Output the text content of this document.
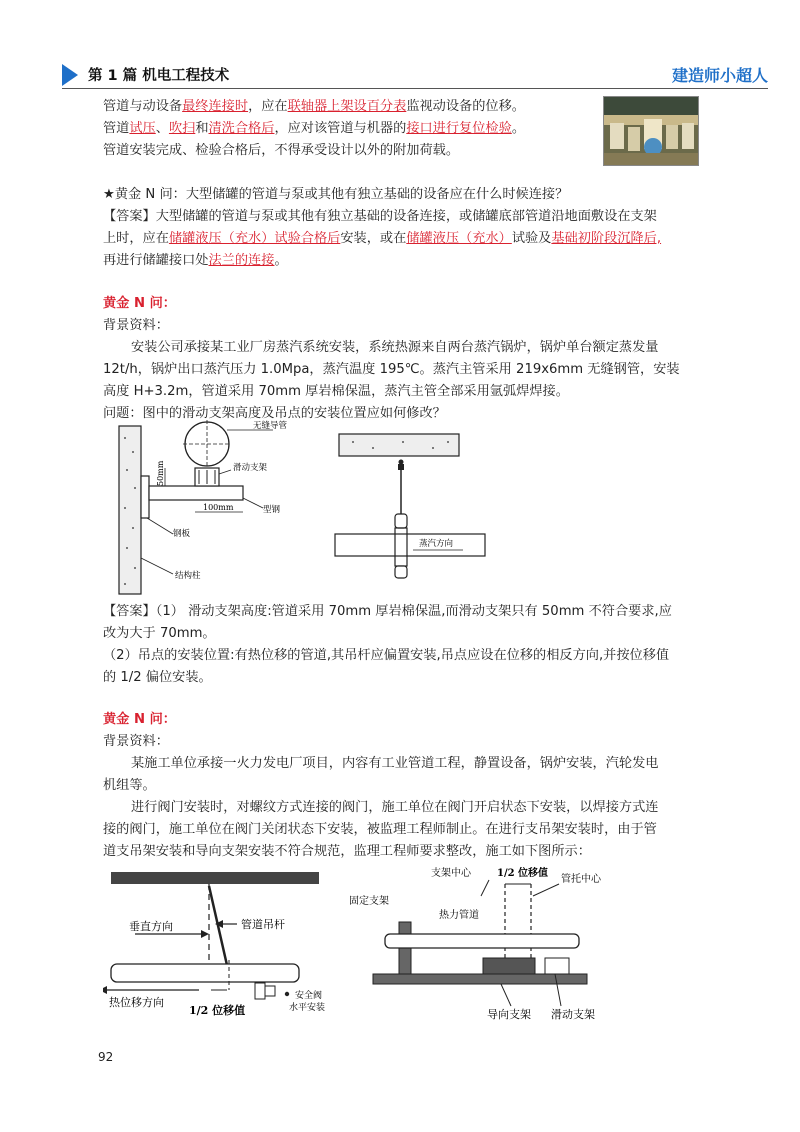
第 1 篇 机电工程技术	建造师小超人
管道与动设备最终连接时，应在联轴器上架设百分表监视动设备的位移。
管道试压、吹扫和清洗合格后，应对该管道与机器的接口进行复位检验。
管道安装完成、检验合格后，不得承受设计以外的附加荷载。
★黄金 N 问：大型储罐的管道与泵或其他有独立基础的设备应在什么时候连接？
【答案】大型储罐的管道与泵或其他有独立基础的设备连接，或储罐底部管道沿地面敷设在支架
上时，应在储罐液压（充水）试验合格后安装，或在储罐液压（充水）试验及基础初阶段沉降后,
再进行储罐接口处法兰的连接。
黄金 N 问：
背景资料：
安装公司承接某工业厂房蒸汽系统安装，系统热源来自两台蒸汽锅炉，锅炉单台额定蒸发量
12t/h，锅炉出口蒸汽压力 1.0Mpa，蒸汽温度 195℃。蒸汽主管采用 219x6mm 无缝钢管，安装
高度 H+3.2m，管道采用 70mm 厚岩棉保温，蒸汽主管全部采用氩弧焊焊接。
问题：图中的滑动支架高度及吊点的安装位置应如何修改？
50mm
100mm
无缝导管
滑动支架
型钢
钢板
结构柱
蒸汽方向
【答案】（1） 滑动支架高度:管道采用 70mm 厚岩棉保温,而滑动支架只有 50mm 不符合要求,应
改为大于 70mm。
（2）吊点的安装位置:有热位移的管道,其吊杆应偏置安装,吊点应设在位移的相反方向,并按位移值
的 1/2 偏位安装。
黄金 N 问：
背景资料：
某施工单位承接一火力发电厂项目，内容有工业管道工程，静置设备，锅炉安装，汽轮发电
机组等。
进行阀门安装时，对螺纹方式连接的阀门，施工单位在阀门开启状态下安装，以焊接方式连
接的阀门，施工单位在阀门关闭状态下安装，被监理工程师制止。在进行支吊架安装时，由于管
道支吊架安装和导向支架安装不符合规范，监理工程师要求整改，施工如下图所示：
垂直方向	管道吊杆
热位移方向
1/2 位移值
安全阀
水平安装
支架中心	1/2 位移值
管托中心
固定支架
热力管道
导向支架 滑动支架
92
